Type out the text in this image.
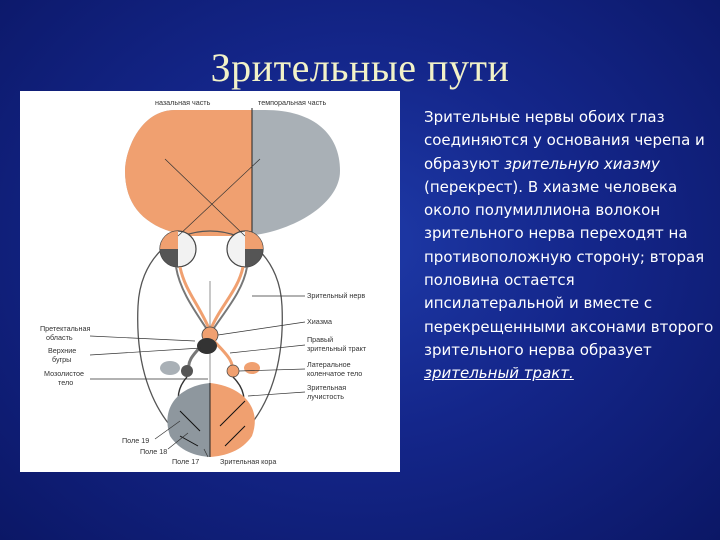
Зрительные пути
назальная часть	темпоральная часть
Зрительный нерв
Хиазма
Правый
зрительный тракт
Латеральное
коленчатое тело
Зрительная
лучистость
Претектальная
область
Верхние
бугры
Мозолистое
тело
Поле 19
Поле 18
Поле 17	Зрительная кора
Зрительные нервы обоих глаз соединяются у основания черепа и образуют зрительную хиазму (перекрест). В хиазме человека около полумиллиона волокон зрительного нерва переходят на противоположную сторону; вторая половина остается ипсилатеральной и вместе с перекрещенными аксонами второго зрительного нерва образует зрительный тракт.
